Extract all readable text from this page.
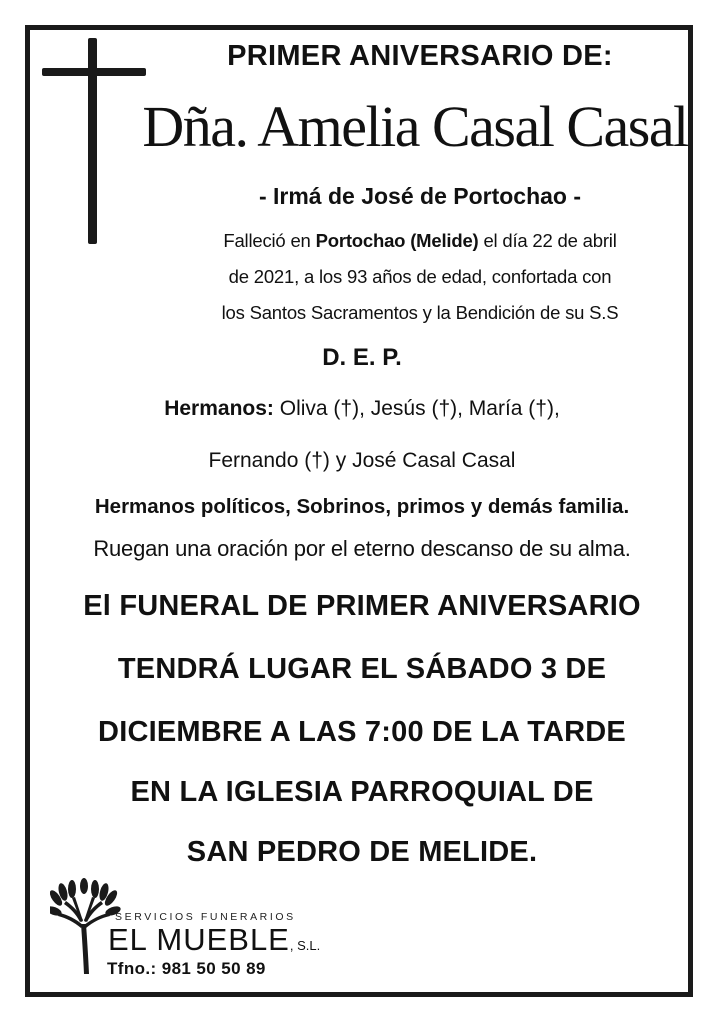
PRIMER ANIVERSARIO DE:
Dña. Amelia Casal Casal
- Irmá de José de Portochao -
Falleció en Portochao (Melide) el día 22 de abril
de 2021, a los 93 años de edad, confortada con
los Santos Sacramentos y la Bendición de su S.S
D. E. P.
Hermanos: Oliva (†), Jesús (†), María (†),
Fernando (†) y José Casal Casal
Hermanos políticos, Sobrinos, primos y demás familia.
Ruegan una oración por el eterno descanso de su alma.
El FUNERAL DE PRIMER ANIVERSARIO
TENDRÁ LUGAR EL SÁBADO 3 DE
DICIEMBRE A LAS 7:00 DE LA TARDE
EN LA IGLESIA PARROQUIAL DE
SAN PEDRO DE MELIDE.
SERVICIOS FUNERARIOS
EL MUEBLE, S.L.
Tfno.: 981 50 50 89
